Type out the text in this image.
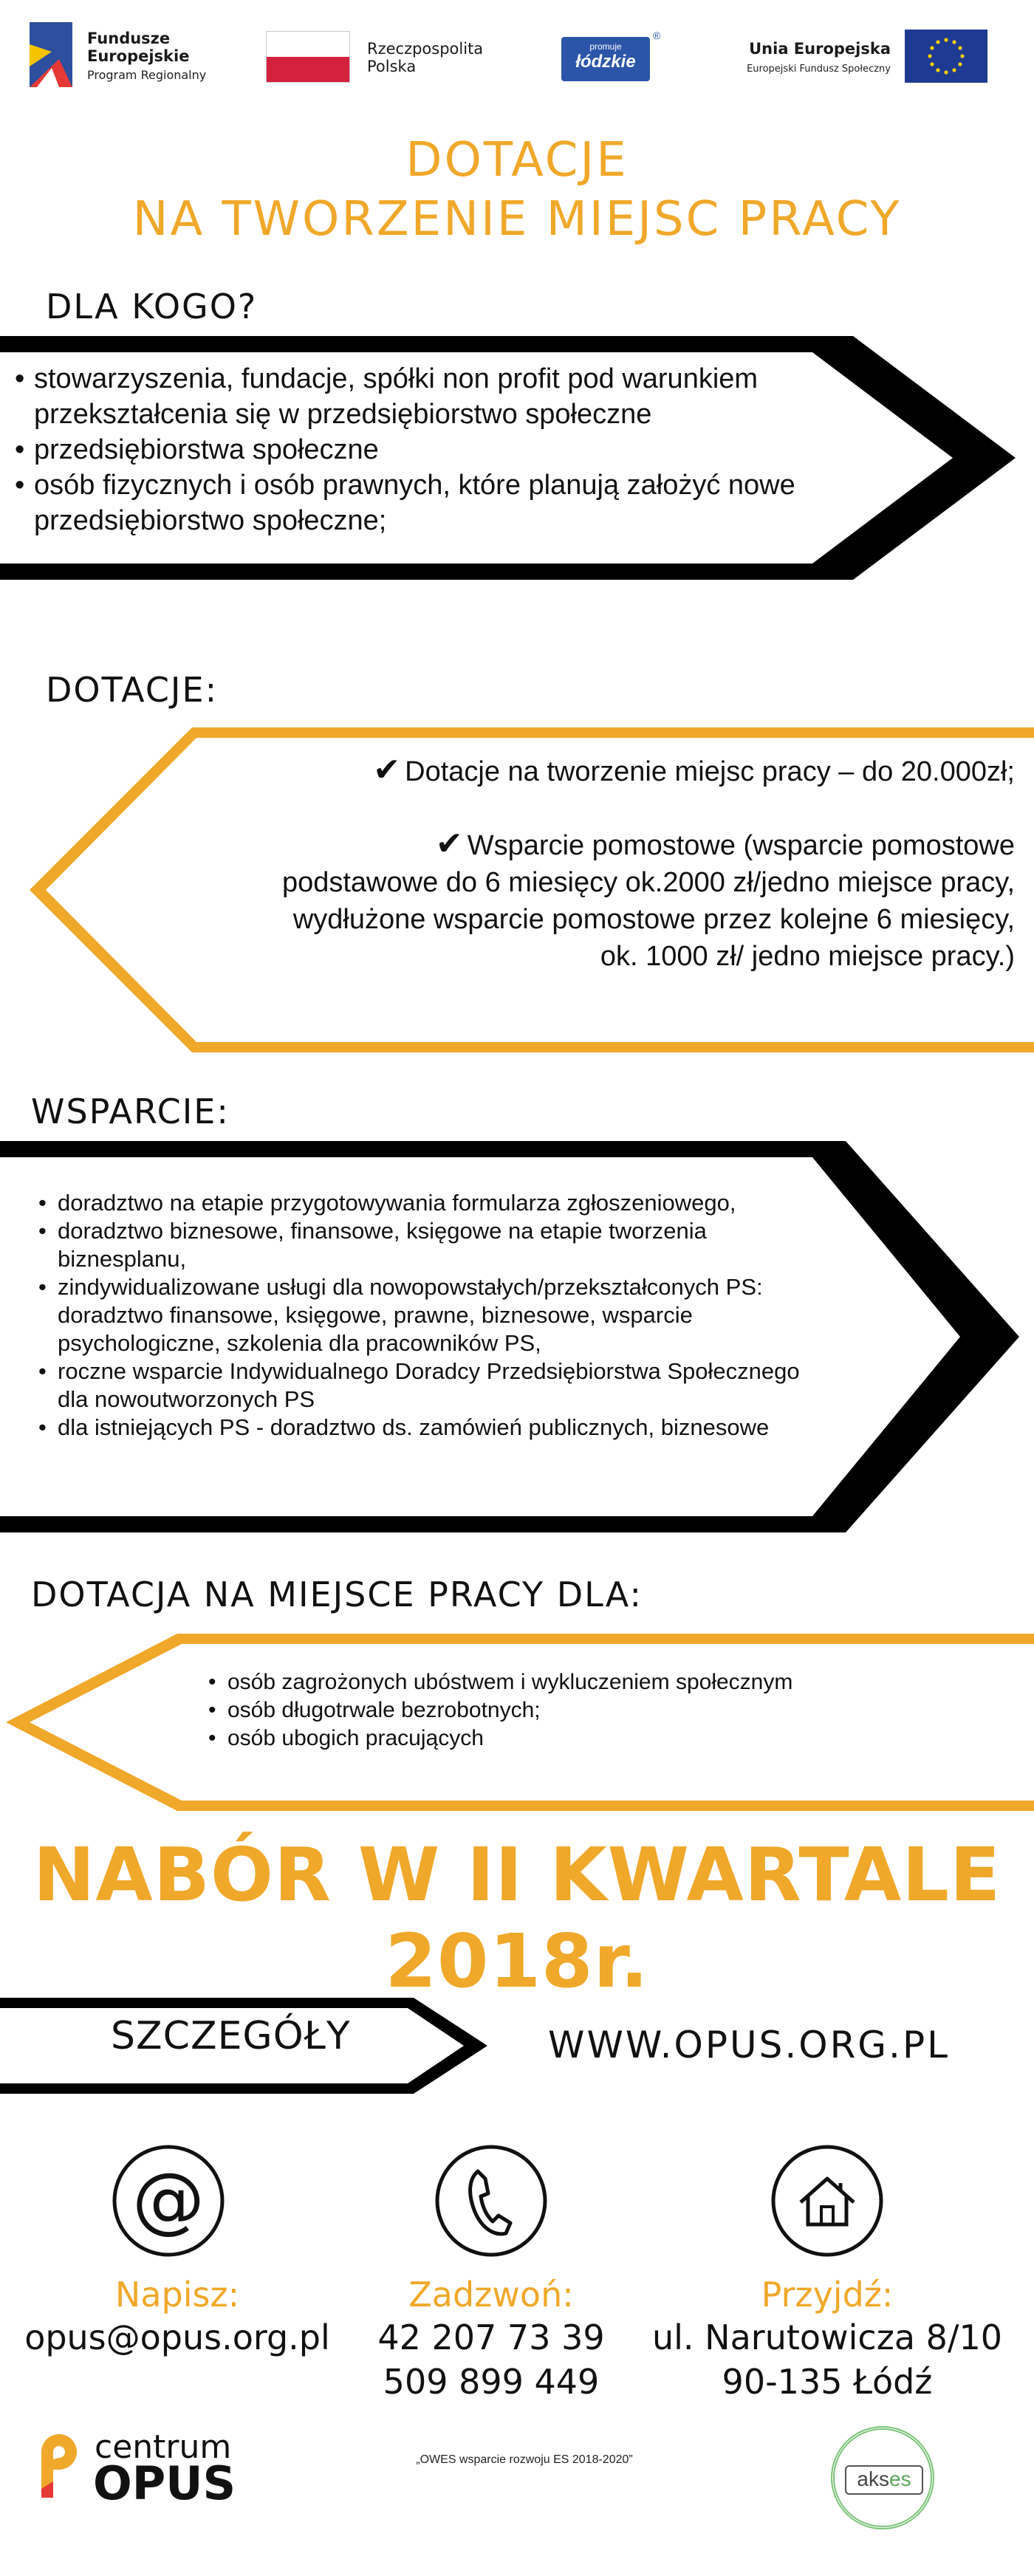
Fundusze
Europejskie
Program Regionalny
Rzeczpospolita
Polska
promuje
łódzkie
®
Unia Europejska
Europejski Fundusz Społeczny
DOTACJE
NA TWORZENIE MIEJSC PRACY
DLA KOGO?
• stowarzyszenia, fundacje, spółki non profit pod warunkiem przekształcenia się w przedsiębiorstwo społeczne
• przedsiębiorstwa społeczne
• osób fizycznych i osób prawnych, które planują założyć nowe przedsiębiorstwo społeczne;
DOTACJE:
✔ Dotacje na tworzenie miejsc pracy – do 20.000zł;
✔ Wsparcie pomostowe (wsparcie pomostowe
podstawowe do 6 miesięcy ok.2000 zł/jedno miejsce pracy,
wydłużone wsparcie pomostowe przez kolejne 6 miesięcy,
ok. 1000 zł/ jedno miejsce pracy.)
WSPARCIE:
• doradztwo na etapie przygotowywania formularza zgłoszeniowego,
• doradztwo biznesowe, finansowe, księgowe na etapie tworzenia biznesplanu,
• zindywidualizowane usługi dla nowopowstałych/przekształconych PS: doradztwo finansowe, księgowe, prawne, biznesowe, wsparcie psychologiczne, szkolenia dla pracowników PS,
• roczne wsparcie Indywidualnego Doradcy Przedsiębiorstwa Społecznego dla nowoutworzonych PS
• dla istniejących PS - doradztwo ds. zamówień publicznych, biznesowe
DOTACJA NA MIEJSCE PRACY DLA:
• osób zagrożonych ubóstwem i wykluczeniem społecznym
• osób długotrwale bezrobotnych;
• osób ubogich pracujących
NABÓR W II KWARTALE 2018r.
SZCZEGÓŁY	WWW.OPUS.ORG.PL
@
Napisz:
opus@opus.org.pl
Zadzwoń:
42 207 73 39
509 899 449
Przyjdź:
ul. Narutowicza 8/10
90-135 Łódź
centrum
OPUS	„OWES wsparcie rozwoju ES 2018-2020”
akses
